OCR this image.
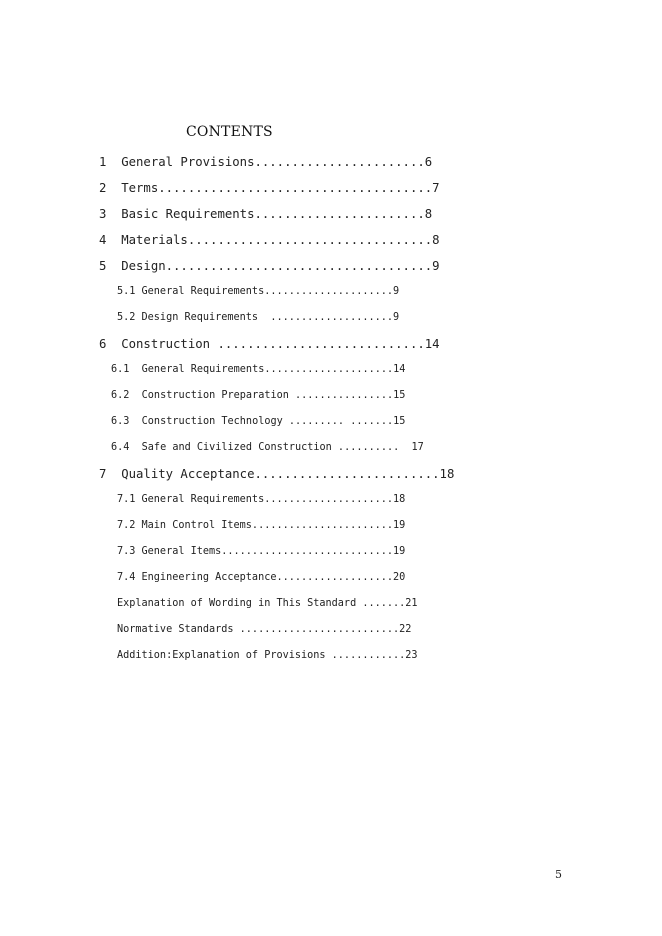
CONTENTS
1  General Provisions.......................6
2  Terms.....................................7
3  Basic Requirements.......................8
4  Materials.................................8
5  Design....................................9
5.1 General Requirements.....................9
5.2 Design Requirements  ....................9
6  Construction ............................14
6.1  General Requirements.....................14
6.2  Construction Preparation ................15
6.3  Construction Technology ......... .......15
6.4  Safe and Civilized Construction ..........  17
7  Quality Acceptance.........................18
7.1 General Requirements.....................18
7.2 Main Control Items.......................19
7.3 General Items............................19
7.4 Engineering Acceptance...................20
Explanation of Wording in This Standard .......21
Normative Standards ..........................22
Addition:Explanation of Provisions ............23
5
